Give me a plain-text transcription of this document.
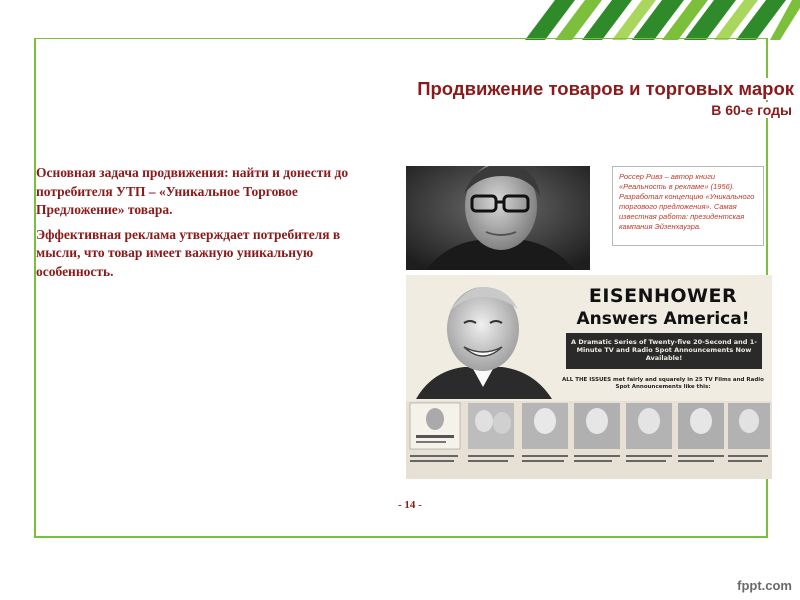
Продвижение товаров и торговых марок
В 60-е годы

Основная задача продвижения: найти и донести до потребителя УТП – «Уникальное Торговое Предложение» товара.

Эффективная реклама утверждает потребителя в мысли, что товар имеет важную уникальную особенность.

Россер Ривз – автор книги «Реальность в рекламе» (1956). Разработал концепцию «Уникального торгового предложения». Самая известная работа: президентская кампания Эйзенхауэра.
EISENHOWER
Answers America!
A Dramatic Series of Twenty-five 20-Second and 1-Minute TV and Radio Spot Announcements Now Available!
ALL THE ISSUES met fairly and squarely in 25 TV Films and Radio Spot Announcements like this:
- 14 -
fppt.com
